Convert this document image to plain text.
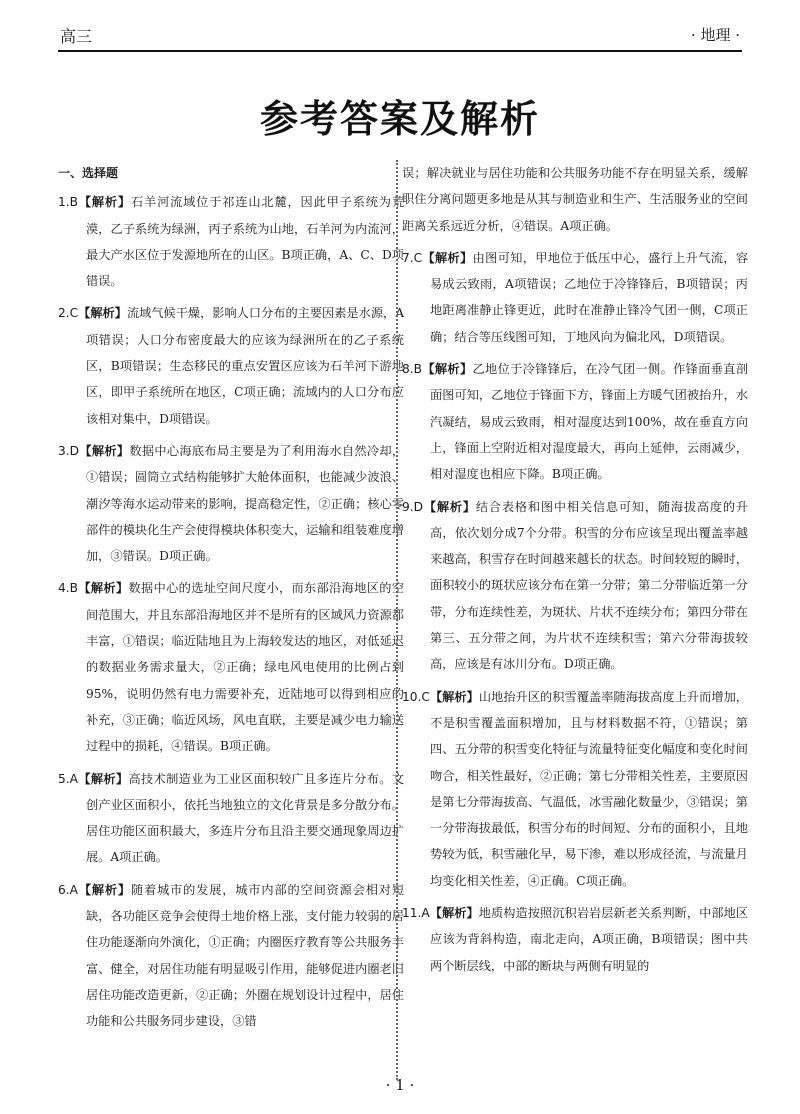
高三	· 地理 ·
参考答案及解析
一、选择题

1.B【解析】石羊河流域位于祁连山北麓，因此甲子系统为荒漠，乙子系统为绿洲，丙子系统为山地，石羊河为内流河，最大产水区位于发源地所在的山区。B项正确，A、C、D项错误。

2.C【解析】流域气候干燥，影响人口分布的主要因素是水源，A项错误；人口分布密度最大的应该为绿洲所在的乙子系统区，B项错误；生态移民的重点安置区应该为石羊河下游地区，即甲子系统所在地区，C项正确；流域内的人口分布应该相对集中，D项错误。

3.D【解析】数据中心海底布局主要是为了利用海水自然冷却，①错误；圆筒立式结构能够扩大舱体面积，也能减少波浪、潮汐等海水运动带来的影响，提高稳定性，②正确；核心零部件的模块化生产会使得模块体积变大，运输和组装难度增加，③错误。D项正确。

4.B【解析】数据中心的选址空间尺度小，而东部沿海地区的空间范围大，并且东部沿海地区并不是所有的区域风力资源都丰富，①错误；临近陆地且为上海较发达的地区，对低延迟的数据业务需求量大，②正确；绿电风电使用的比例占到95%，说明仍然有电力需要补充，近陆地可以得到相应的补充，③正确；临近风场，风电直联，主要是减少电力输送过程中的损耗，④错误。B项正确。

5.A【解析】高技术制造业为工业区面积较广且多连片分布。文创产业区面积小，依托当地独立的文化背景是多分散分布。居住功能区面积最大，多连片分布且沿主要交通现象周边扩展。A项正确。

6.A【解析】随着城市的发展，城市内部的空间资源会相对短缺，各功能区竞争会使得土地价格上涨，支付能力较弱的居住功能逐渐向外演化，①正确；内圈医疗教育等公共服务丰富、健全，对居住功能有明显吸引作用，能够促进内圈老旧居住功能改造更新，②正确；外圈在规划设计过程中，居住功能和公共服务同步建设，③错

误；解决就业与居住功能和公共服务功能不存在明显关系，缓解职住分离问题更多地是从其与制造业和生产、生活服务业的空间距离关系远近分析，④错误。A项正确。

7.C【解析】由图可知，甲地位于低压中心，盛行上升气流，容易成云致雨，A项错误；乙地位于冷锋锋后，B项错误；丙地距离准静止锋更近，此时在准静止锋冷气团一侧，C项正确；结合等压线图可知，丁地风向为偏北风，D项错误。

8.B【解析】乙地位于冷锋锋后，在冷气团一侧。作锋面垂直剖面图可知，乙地位于锋面下方，锋面上方暖气团被抬升，水汽凝结，易成云致雨，相对湿度达到100%，故在垂直方向上，锋面上空附近相对湿度最大，再向上延伸，云雨减少，相对湿度也相应下降。B项正确。

9.D【解析】结合表格和图中相关信息可知，随海拔高度的升高，依次划分成7个分带。积雪的分布应该呈现出覆盖率越来越高，积雪存在时间越来越长的状态。时间较短的瞬时，面积较小的斑状应该分布在第一分带；第二分带临近第一分带，分布连续性差，为斑状、片状不连续分布；第四分带在第三、五分带之间，为片状不连续积雪；第六分带海拔较高，应该是有冰川分布。D项正确。

10.C【解析】山地抬升区的积雪覆盖率随海拔高度上升而增加，不是积雪覆盖面积增加，且与材料数据不符，①错误；第四、五分带的积雪变化特征与流量特征变化幅度和变化时间吻合，相关性最好，②正确；第七分带相关性差，主要原因是第七分带海拔高、气温低，冰雪融化数量少，③错误；第一分带海拔最低，积雪分布的时间短、分布的面积小，且地势较为低，积雪融化早，易下渗，难以形成径流，与流量月均变化相关性差，④正确。C项正确。

11.A【解析】地质构造按照沉积岩岩层新老关系判断，中部地区应该为背斜构造，南北走向，A项正确，B项错误；图中共两个断层线，中部的断块与两侧有明显的

· 1 ·
